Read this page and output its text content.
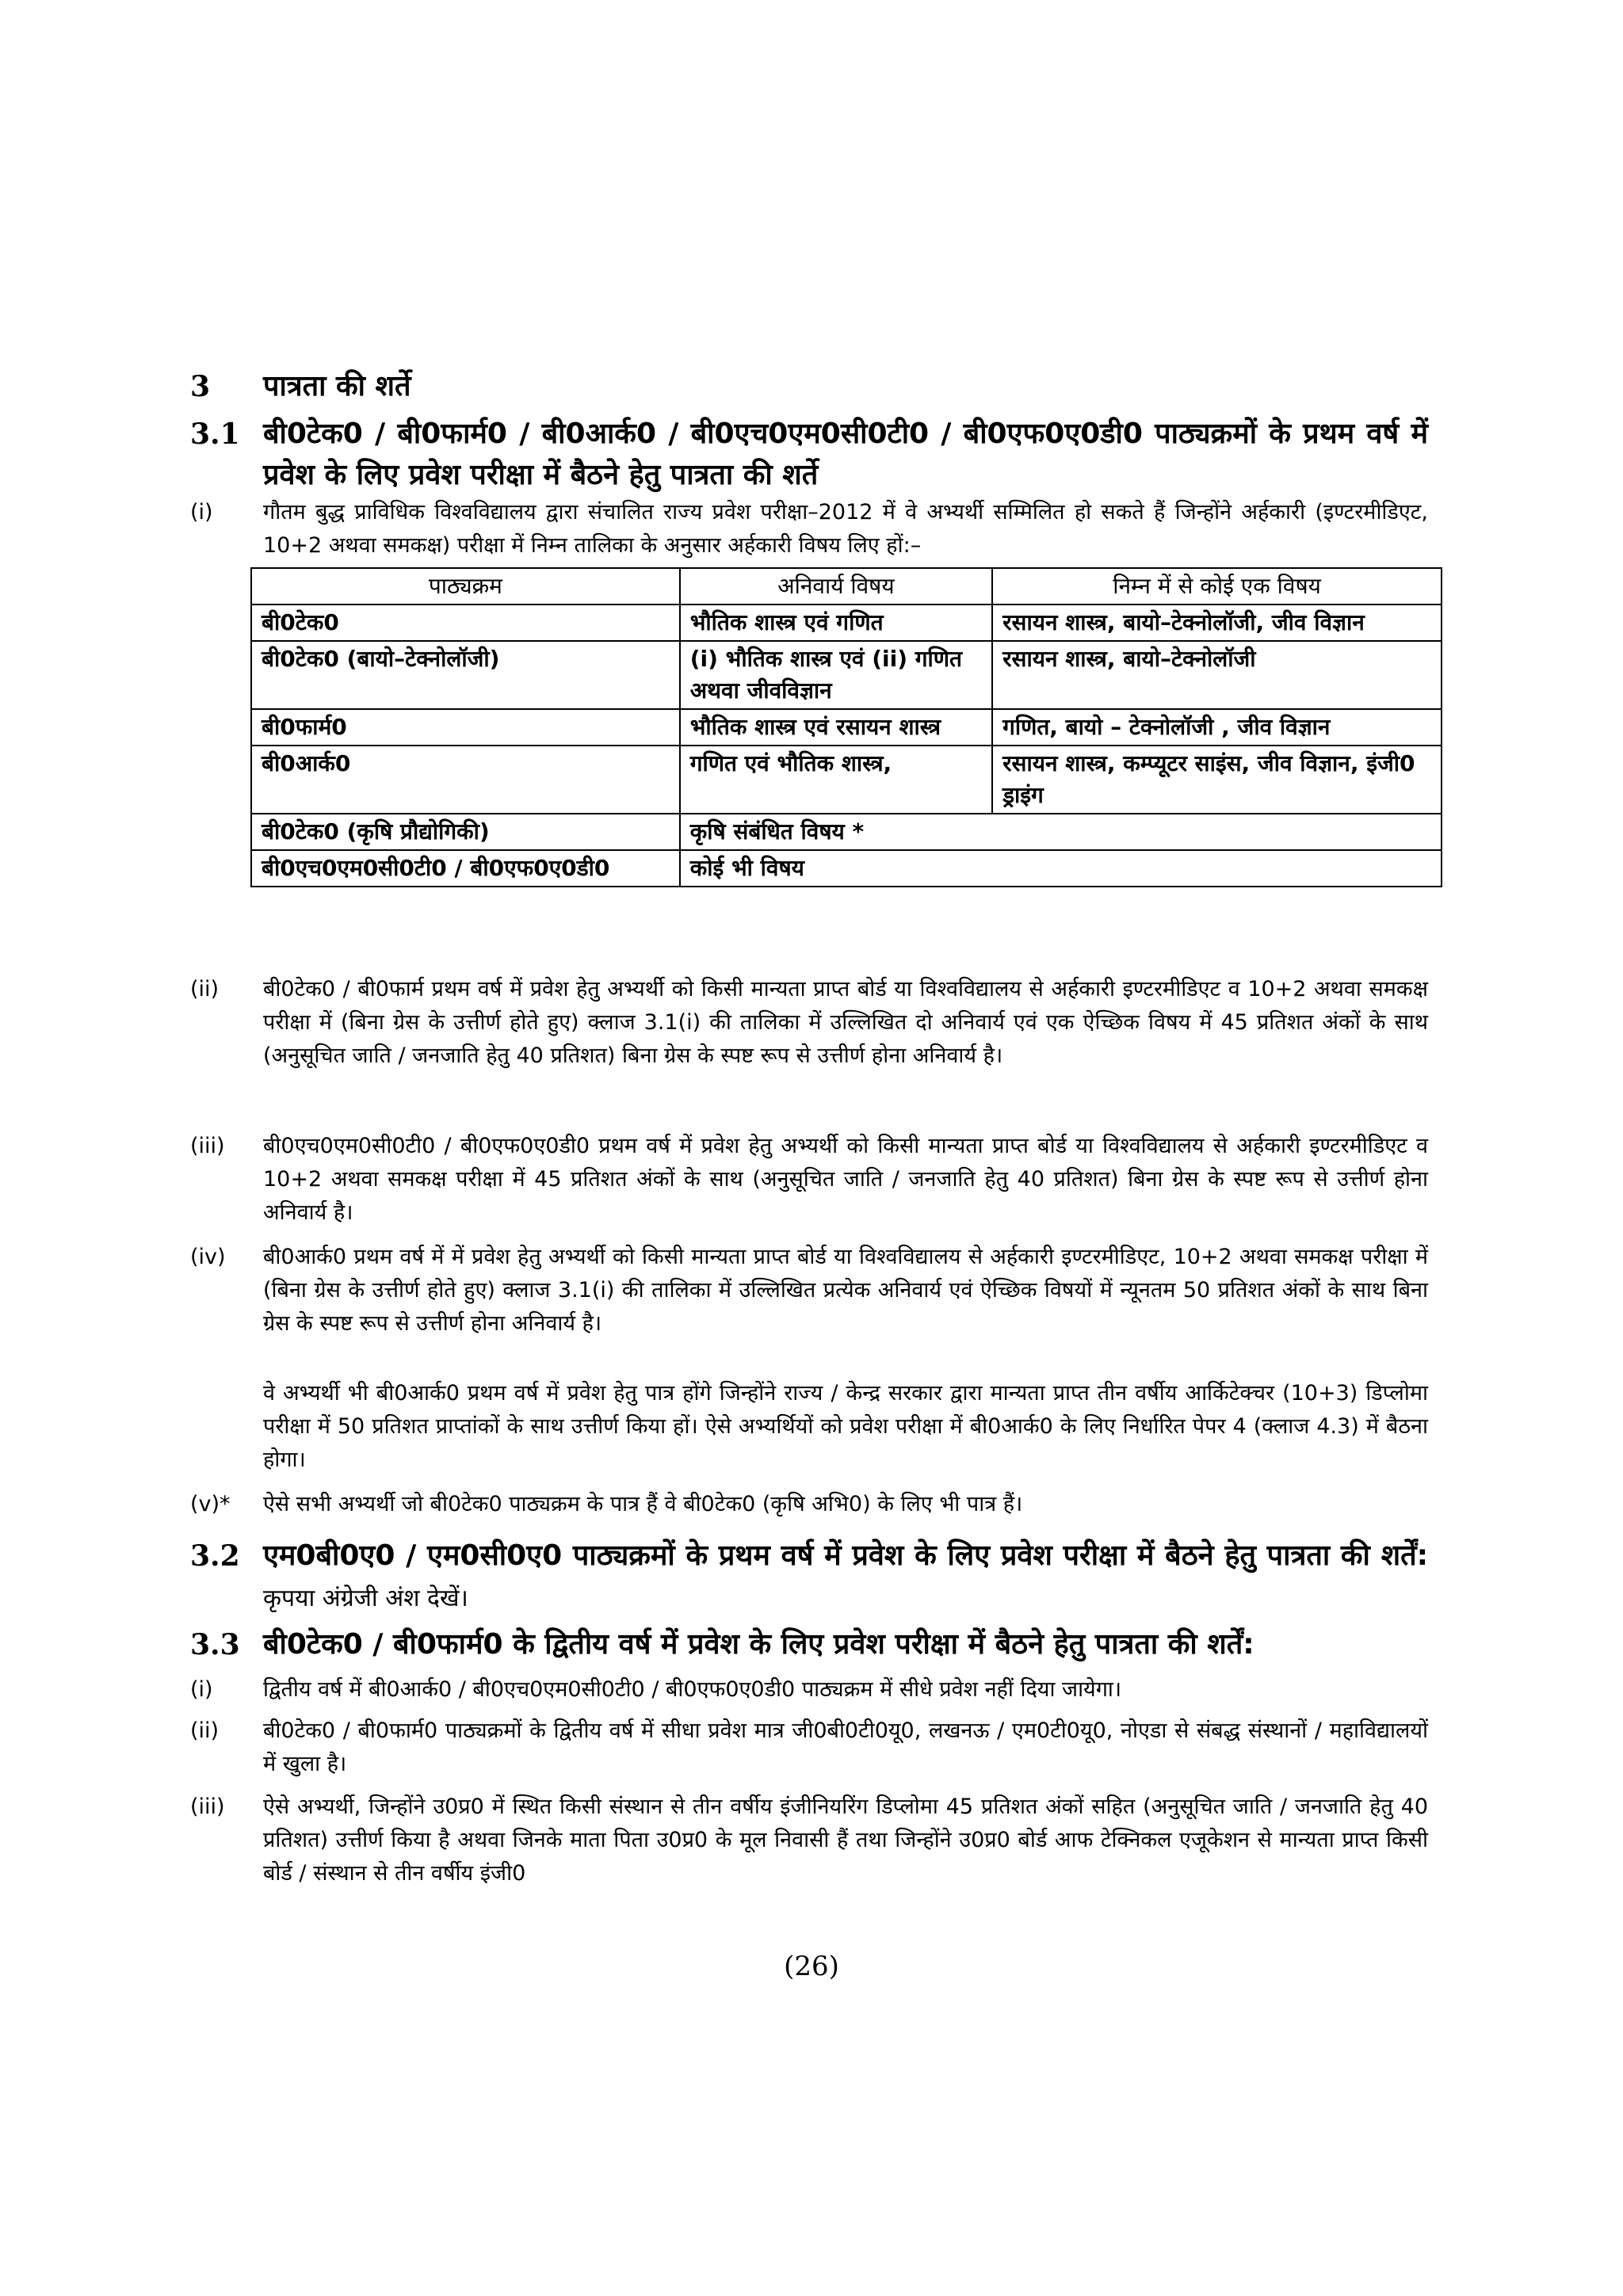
3	पात्रता की शर्ते
3.1 बी0टेक0 / बी0फार्म0 / बी0आर्क0 / बी0एच0एम0सी0टी0 / बी0एफ0ए0डी0 पाठ्यक्रमों के प्रथम वर्ष में प्रवेश के लिए प्रवेश परीक्षा में बैठने हेतु पात्रता की शर्ते
(i)	गौतम बुद्ध प्राविधिक विश्वविद्यालय द्वारा संचालित राज्य प्रवेश परीक्षा–2012 में वे अभ्यर्थी सम्मिलित हो सकते हैं जिन्होंने अर्हकारी (इण्टरमीडिएट, 10+2 अथवा समकक्ष) परीक्षा में निम्न तालिका के अनुसार अर्हकारी विषय लिए हों:–
पाठ्यक्रम	अनिवार्य विषय	निम्न में से कोई एक विषय
बी0टेक0	भौतिक शास्त्र एवं गणित	रसायन शास्त्र, बायो–टेक्नोलॉजी, जीव विज्ञान
बी0टेक0 (बायो–टेक्नोलॉजी)	(i) भौतिक शास्त्र एवं (ii) गणित अथवा जीवविज्ञान	रसायन शास्त्र, बायो–टेक्नोलॉजी
बी0फार्म0	भौतिक शास्त्र एवं रसायन शास्त्र	गणित, बायो – टेक्नोलॉजी , जीव विज्ञान
बी0आर्क0	गणित एवं भौतिक शास्त्र,	रसायन शास्त्र, कम्प्यूटर साइंस, जीव विज्ञान, इंजी0 ड्राइंग
बी0टेक0 (कृषि प्रौद्योगिकी)	कृषि संबंधित विषय *	
बी0एच0एम0सी0टी0 / बी0एफ0ए0डी0	कोई भी विषय	
(ii)	बी0टेक0 / बी0फार्म प्रथम वर्ष में प्रवेश हेतु अभ्यर्थी को किसी मान्यता प्राप्त बोर्ड या विश्वविद्यालय से अर्हकारी इण्टरमीडिएट व 10+2 अथवा समकक्ष परीक्षा में (बिना ग्रेस के उत्तीर्ण होते हुए) क्लाज 3.1(i) की तालिका में उल्लिखित दो अनिवार्य एवं एक ऐच्छिक विषय में 45 प्रतिशत अंकों के साथ (अनुसूचित जाति / जनजाति हेतु 40 प्रतिशत) बिना ग्रेस के स्पष्ट रूप से उत्तीर्ण होना अनिवार्य है।
(iii)	बी0एच0एम0सी0टी0 / बी0एफ0ए0डी0 प्रथम वर्ष में प्रवेश हेतु अभ्यर्थी को किसी मान्यता प्राप्त बोर्ड या विश्वविद्यालय से अर्हकारी इण्टरमीडिएट व 10+2 अथवा समकक्ष परीक्षा में 45 प्रतिशत अंकों के साथ (अनुसूचित जाति / जनजाति हेतु 40 प्रतिशत) बिना ग्रेस के स्पष्ट रूप से उत्तीर्ण होना अनिवार्य है।
(iv)	बी0आर्क0 प्रथम वर्ष में में प्रवेश हेतु अभ्यर्थी को किसी मान्यता प्राप्त बोर्ड या विश्वविद्यालय से अर्हकारी इण्टरमीडिएट, 10+2 अथवा समकक्ष परीक्षा में (बिना ग्रेस के उत्तीर्ण होते हुए) क्लाज 3.1(i) की तालिका में उल्लिखित प्रत्येक अनिवार्य एवं ऐच्छिक विषयों में न्यूनतम 50 प्रतिशत अंकों के साथ बिना ग्रेस के स्पष्ट रूप से उत्तीर्ण होना अनिवार्य है।
वे अभ्यर्थी भी बी0आर्क0 प्रथम वर्ष में प्रवेश हेतु पात्र होंगे जिन्होंने राज्य / केन्द्र सरकार द्वारा मान्यता प्राप्त तीन वर्षीय आर्किटेक्चर (10+3) डिप्लोमा परीक्षा में 50 प्रतिशत प्राप्तांकों के साथ उत्तीर्ण किया हों। ऐसे अभ्यर्थियों को प्रवेश परीक्षा में बी0आर्क0 के लिए निर्धारित पेपर 4 (क्लाज 4.3) में बैठना होगा।
(v)*	ऐसे सभी अभ्यर्थी जो बी0टेक0 पाठ्यक्रम के पात्र हैं वे बी0टेक0 (कृषि अभि0) के लिए भी पात्र हैं।
3.2 एम0बी0ए0 / एम0सी0ए0 पाठ्यक्रमों के प्रथम वर्ष में प्रवेश के लिए प्रवेश परीक्षा में बैठने हेतु पात्रता की शर्तें: कृपया अंग्रेजी अंश देखें।
3.3 बी0टेक0 / बी0फार्म0 के द्वितीय वर्ष में प्रवेश के लिए प्रवेश परीक्षा में बैठने हेतु पात्रता की शर्तें:
(i)	द्वितीय वर्ष में बी0आर्क0 / बी0एच0एम0सी0टी0 / बी0एफ0ए0डी0 पाठ्यक्रम में सीधे प्रवेश नहीं दिया जायेगा।
(ii)	बी0टेक0 / बी0फार्म0 पाठ्यक्रमों के द्वितीय वर्ष में सीधा प्रवेश मात्र जी0बी0टी0यू0, लखनऊ / एम0टी0यू0, नोएडा से संबद्ध संस्थानों / महाविद्यालयों में खुला है।
(iii)	ऐसे अभ्यर्थी, जिन्होंने उ0प्र0 में स्थित किसी संस्थान से तीन वर्षीय इंजीनियरिंग डिप्लोमा 45 प्रतिशत अंकों सहित (अनुसूचित जाति / जनजाति हेतु 40 प्रतिशत) उत्तीर्ण किया है अथवा जिनके माता पिता उ0प्र0 के मूल निवासी हैं तथा जिन्होंने उ0प्र0 बोर्ड आफ टेक्निकल एजूकेशन से मान्यता प्राप्त किसी बोर्ड / संस्थान से तीन वर्षीय इंजी0
(26)
